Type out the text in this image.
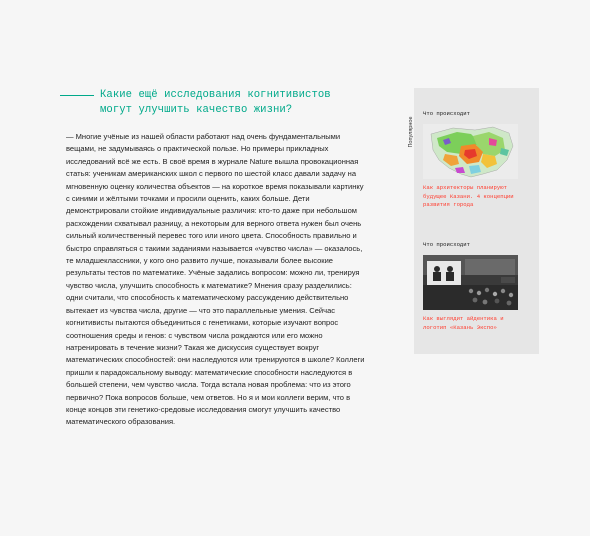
Какие ещё исследования когнитивистов могут улучшить качество жизни?

— Многие учёные из нашей области работают над очень фундаментальными вещами, не задумываясь о практической пользе. Но примеры прикладных исследований всё же есть. В своё время в журнале Nature вышла провокационная статья: ученикам американских школ с первого по шестой класс давали задачу на мгновенную оценку количества объектов — на короткое время показывали картинку с синими и жёлтыми точками и просили оценить, каких больше. Дети демонстрировали стойкие индивидуальные различия: кто-то даже при небольшом расхождении схватывал разницу, а некоторым для верного ответа нужен был очень сильный количественный перевес того или иного цвета. Способность правильно и быстро справляться с такими заданиями называется «чувство числа» — оказалось, те младшеклассники, у кого оно развито лучше, показывали более высокие результаты тестов по математике. Учёные задались вопросом: можно ли, тренируя чувство числа, улучшить способность к математике? Мнения сразу разделились: одни считали, что способность к математическому рассуждению действительно вытекает из чувства числа, другие — что это параллельные умения. Сейчас когнитивисты пытаются объединиться с генетиками, которые изучают вопрос соотношения среды и генов: с чувством числа рождаются или его можно натренировать в течение жизни? Такая же дискуссия существует вокруг математических способностей: они наследуются или тренируются в школе? Коллеги пришли к парадоксальному выводу: математические способности наследуются в большей степени, чем чувство числа. Тогда встала новая проблема: что из этого первично? Пока вопросов больше, чем ответов. Но я и мои коллеги верим, что в конце концов эти генетико-средовые исследования смогут улучшить качество математического образования.

Популярное
Что происходит
Как архитекторы планируют будущее Казани. 4 концепции развития города
Что происходит
Как выглядит айдентика и логотип «Казань Экспо»
